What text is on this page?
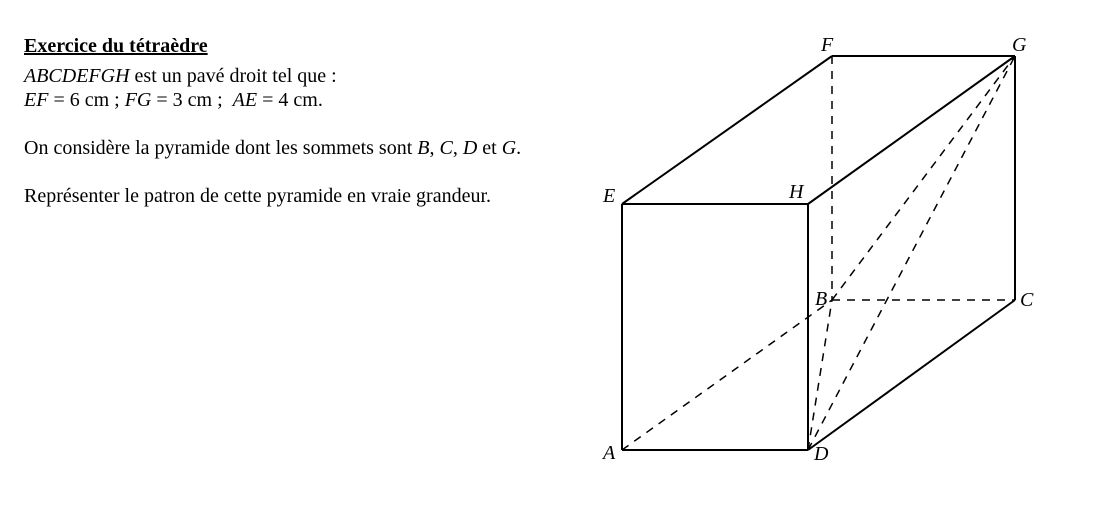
Exercice du tétraèdre

ABCDEFGH est un pavé droit tel que :

EF = 6 cm ; FG = 3 cm ;  AE = 4 cm.

On considère la pyramide dont les sommets sont B, C, D et G.

Représenter le patron de cette pyramide en vraie grandeur.

A
B	C
D
E
F	G
H
